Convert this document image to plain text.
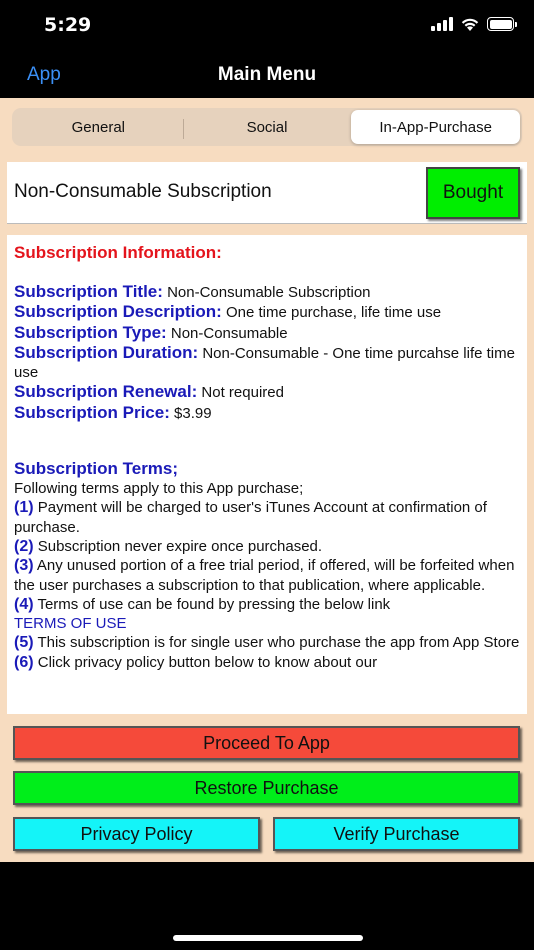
5:29
App	Main Menu
General	Social	In-App-Purchase
Non-Consumable Subscription	Bought
Subscription Information:
Subscription Title: Non-Consumable Subscription
Subscription Description: One time purchase, life time use
Subscription Type: Non-Consumable
Subscription Duration: Non-Consumable - One time purcahse life time use
Subscription Renewal: Not required
Subscription Price: $3.99
Subscription Terms;
Following terms apply to this App purchase;
(1) Payment will be charged to user's iTunes Account at confirmation of purchase.
(2) Subscription never expire once purchased.
(3) Any unused portion of a free trial period, if offered, will be forfeited when the user purchases a subscription to that publication, where applicable.
(4) Terms of use can be found by pressing the below link
TERMS OF USE
(5) This subscription is for single user who purchase the app from App Store
(6) Click privacy policy button below to know about our
Proceed To App
Restore Purchase
Privacy Policy	Verify Purchase
